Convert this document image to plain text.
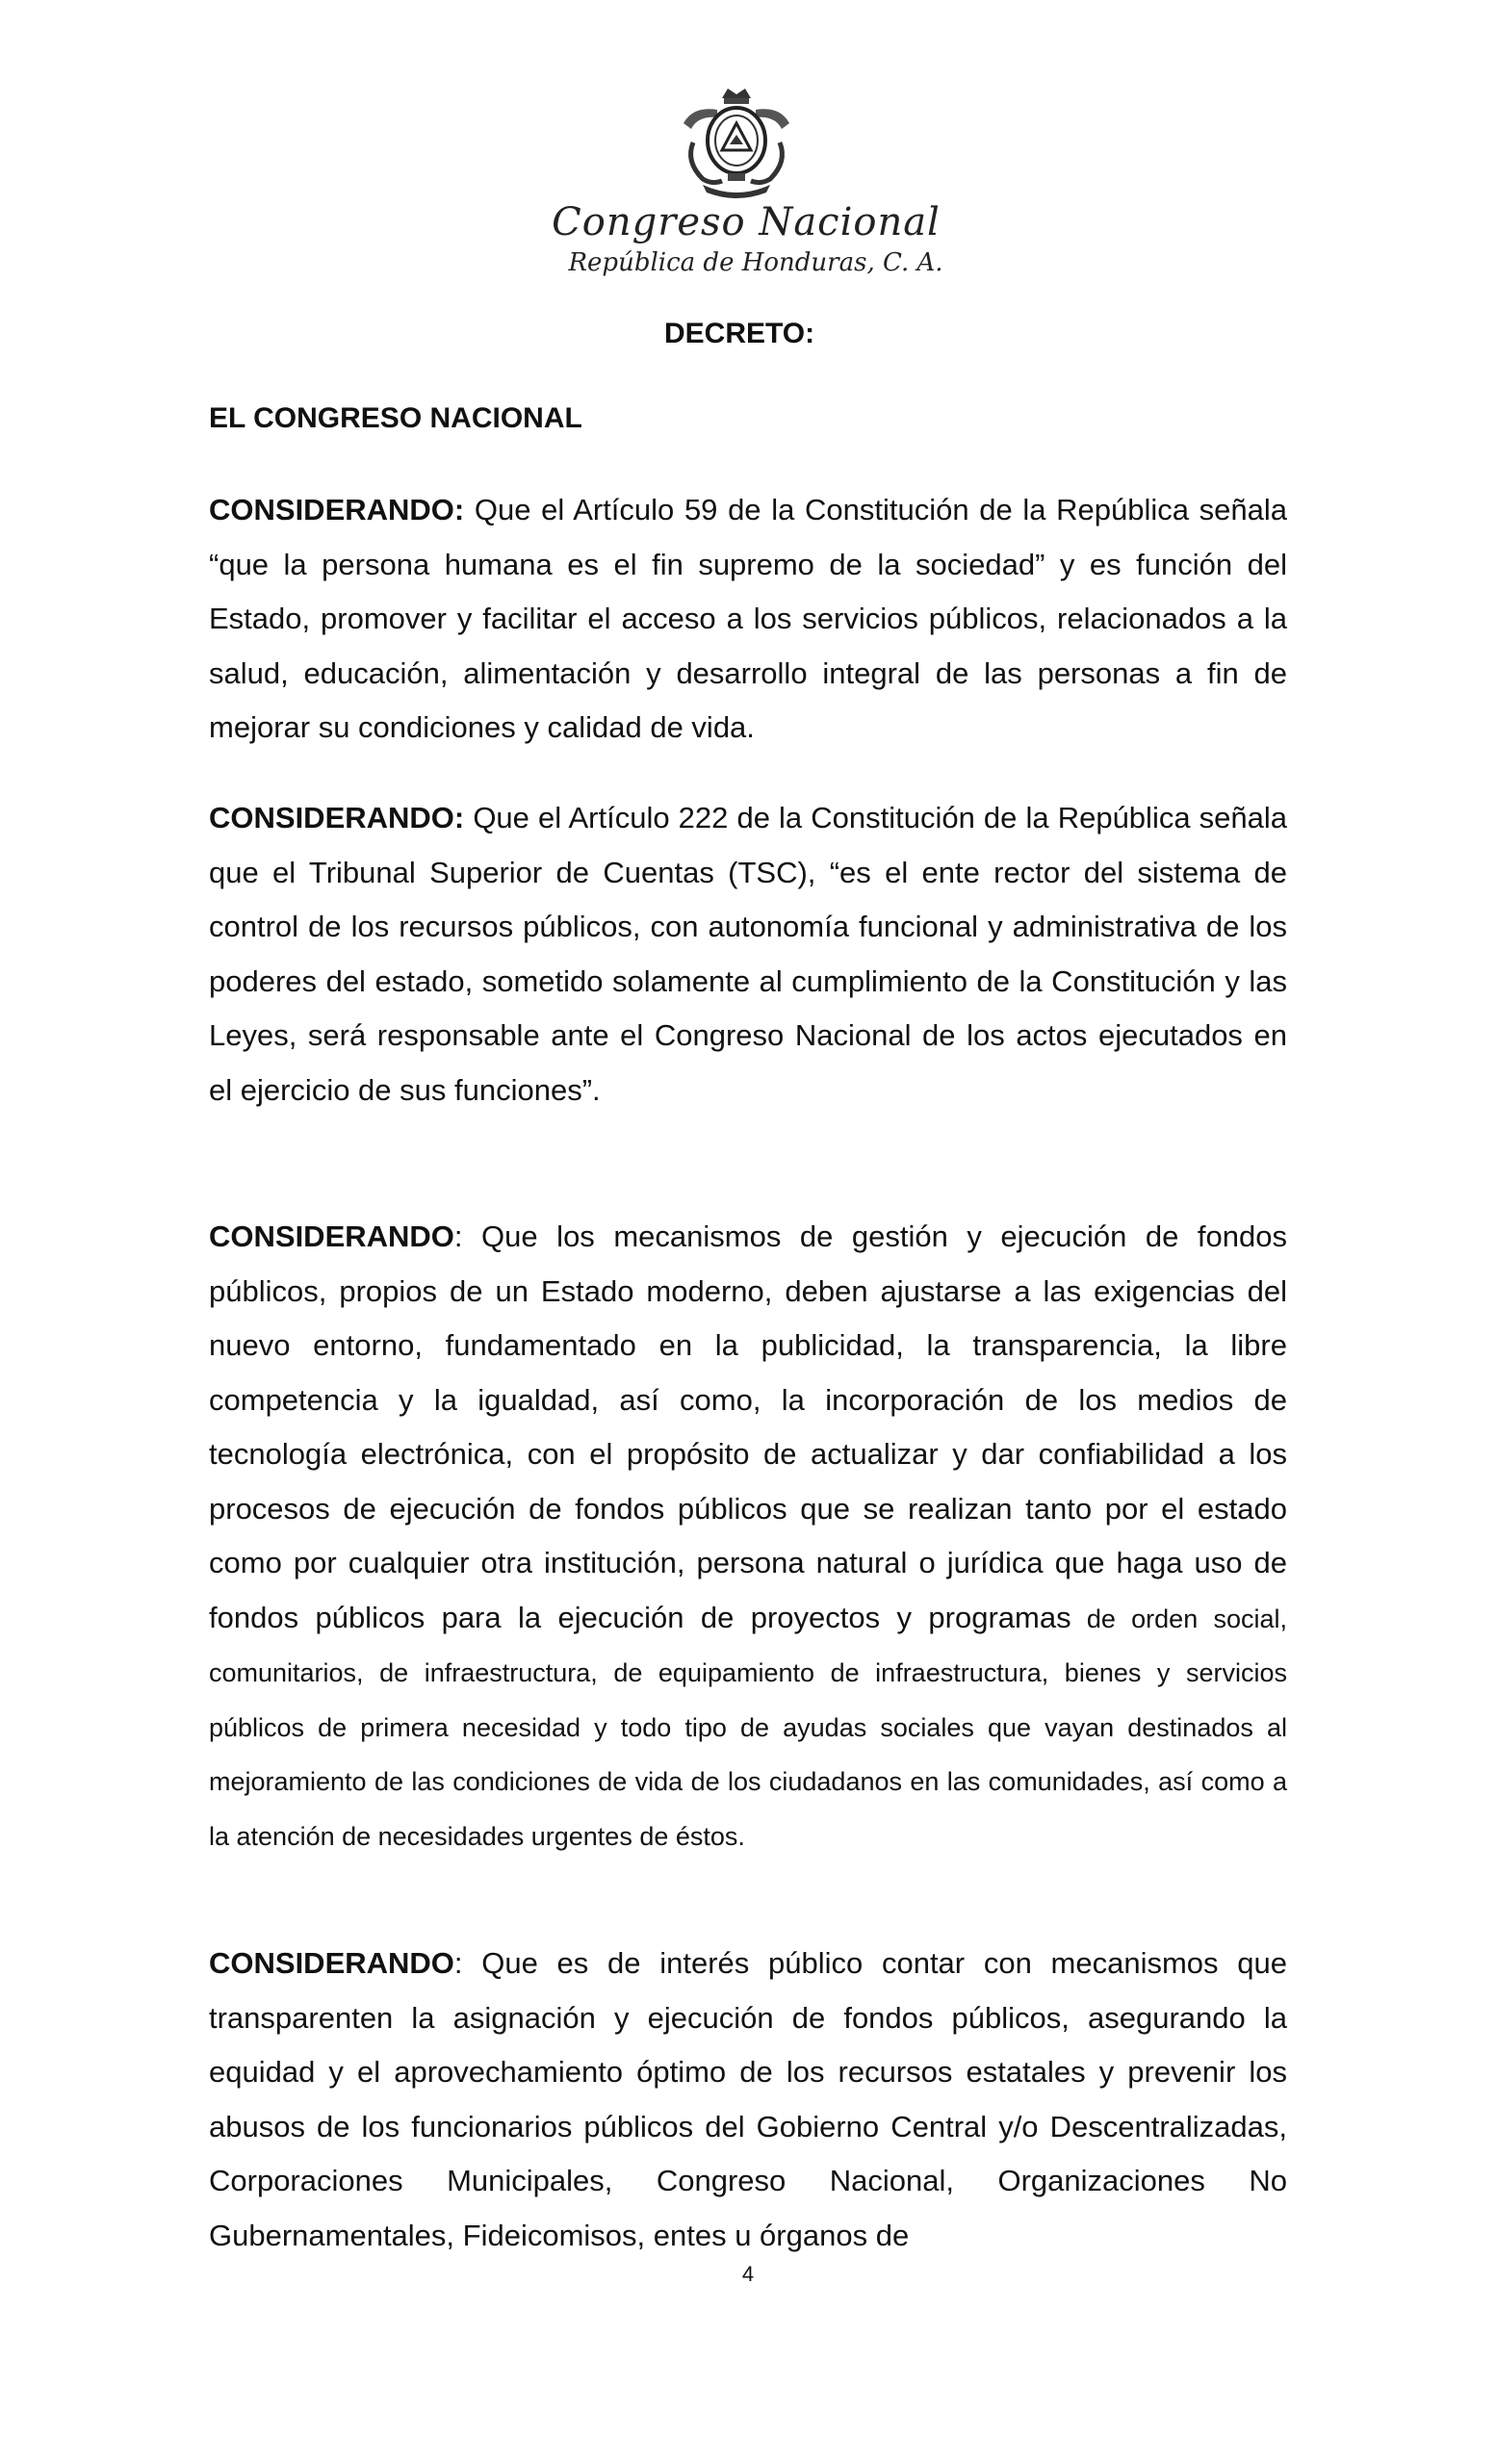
Congreso Nacional
República de Honduras, C. A.
DECRETO:
EL CONGRESO NACIONAL
CONSIDERANDO: Que el Artículo 59 de la Constitución de la República señala “que la persona humana es el fin supremo de la sociedad” y es función del Estado, promover y facilitar el acceso a los servicios públicos, relacionados a la salud, educación, alimentación y desarrollo integral de las personas a fin de mejorar su condiciones y calidad de vida.
CONSIDERANDO: Que el Artículo 222 de la Constitución de la República señala que el Tribunal Superior de Cuentas (TSC), “es el ente rector del sistema de control de los recursos públicos, con autonomía funcional y administrativa de los poderes del estado, sometido solamente al cumplimiento de la Constitución y las Leyes, será responsable ante el Congreso Nacional de los actos ejecutados en el ejercicio de sus funciones”.
CONSIDERANDO: Que los mecanismos de gestión y ejecución de fondos públicos, propios de un Estado moderno, deben ajustarse a las exigencias del nuevo entorno, fundamentado en la publicidad, la transparencia, la libre competencia y la igualdad, así como, la incorporación de los medios de tecnología electrónica, con el propósito de actualizar y dar confiabilidad a los procesos de ejecución de fondos públicos que se realizan tanto por el estado como por cualquier otra institución, persona natural o jurídica que haga uso de fondos públicos para la ejecución de proyectos y programas de orden social, comunitarios, de infraestructura, de equipamiento de infraestructura, bienes y servicios públicos de primera necesidad y todo tipo de ayudas sociales que vayan destinados al mejoramiento de las condiciones de vida de los ciudadanos en las comunidades, así como a la atención de necesidades urgentes de éstos.
CONSIDERANDO: Que es de interés público contar con mecanismos que transparenten la asignación y ejecución de fondos públicos, asegurando la equidad y el aprovechamiento óptimo de los recursos estatales y prevenir los abusos de los funcionarios públicos del Gobierno Central y/o Descentralizadas, Corporaciones Municipales, Congreso Nacional, Organizaciones No Gubernamentales, Fideicomisos, entes u órganos de
4
